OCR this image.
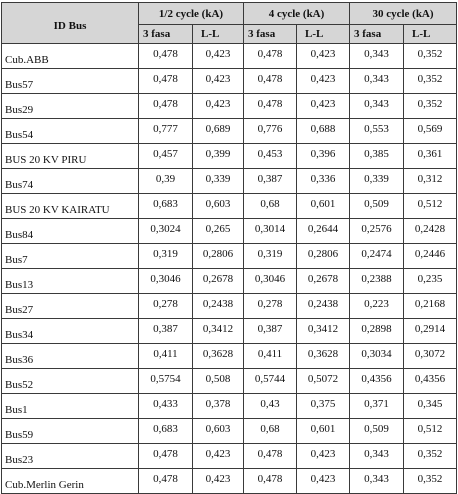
ID Bus	1/2 cycle (kA)		4 cycle (kA)		30 cycle (kA)	
	3 fasa	L-L	3 fasa	L-L	3 fasa	L-L
Cub.ABB	0,478	0,423	0,478	0,423	0,343	0,352
Bus57	0,478	0,423	0,478	0,423	0,343	0,352
Bus29	0,478	0,423	0,478	0,423	0,343	0,352
Bus54	0,777	0,689	0,776	0,688	0,553	0,569
BUS 20 KV PIRU	0,457	0,399	0,453	0,396	0,385	0,361
Bus74	0,39	0,339	0,387	0,336	0,339	0,312
BUS 20 KV KAIRATU	0,683	0,603	0,68	0,601	0,509	0,512
Bus84	0,3024	0,265	0,3014	0,2644	0,2576	0,2428
Bus7	0,319	0,2806	0,319	0,2806	0,2474	0,2446
Bus13	0,3046	0,2678	0,3046	0,2678	0,2388	0,235
Bus27	0,278	0,2438	0,278	0,2438	0,223	0,2168
Bus34	0,387	0,3412	0,387	0,3412	0,2898	0,2914
Bus36	0,411	0,3628	0,411	0,3628	0,3034	0,3072
Bus52	0,5754	0,508	0,5744	0,5072	0,4356	0,4356
Bus1	0,433	0,378	0,43	0,375	0,371	0,345
Bus59	0,683	0,603	0,68	0,601	0,509	0,512
Bus23	0,478	0,423	0,478	0,423	0,343	0,352
Cub.Merlin Gerin	0,478	0,423	0,478	0,423	0,343	0,352
